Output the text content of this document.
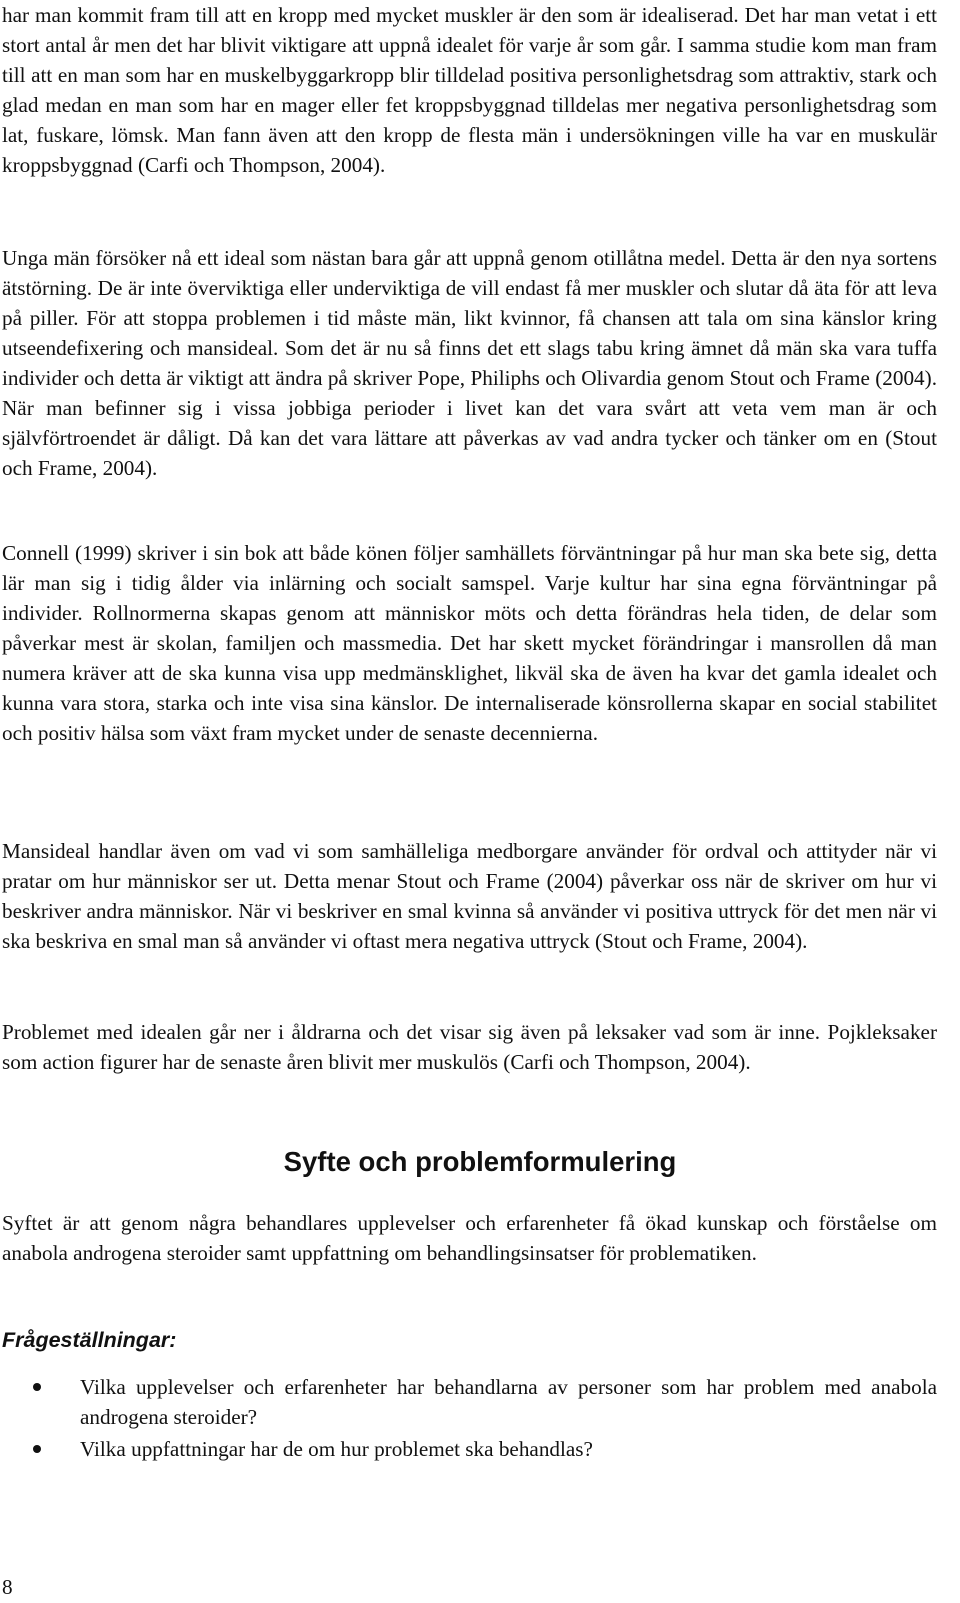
har man kommit fram till att en kropp med mycket muskler är den som är idealiserad. Det har man vetat i ett stort antal år men det har blivit viktigare att uppnå idealet för varje år som går. I samma studie kom man fram till att en man som har en muskelbyggarkropp blir tilldelad positiva personlighetsdrag som attraktiv, stark och glad medan en man som har en mager eller fet kroppsbyggnad tilldelas mer negativa personlighetsdrag som lat, fuskare, lömsk. Man fann även att den kropp de flesta män i undersökningen ville ha var en muskulär kroppsbyggnad (Carfi och Thompson, 2004).

Unga män försöker nå ett ideal som nästan bara går att uppnå genom otillåtna medel. Detta är den nya sortens ätstörning. De är inte överviktiga eller underviktiga de vill endast få mer muskler och slutar då äta för att leva på piller. För att stoppa problemen i tid måste män, likt kvinnor, få chansen att tala om sina känslor kring utseendefixering och mansideal. Som det är nu så finns det ett slags tabu kring ämnet då män ska vara tuffa individer och detta är viktigt att ändra på skriver Pope, Philiphs och Olivardia genom Stout och Frame (2004). När man befinner sig i vissa jobbiga perioder i livet kan det vara svårt att veta vem man är och självförtroendet är dåligt. Då kan det vara lättare att påverkas av vad andra tycker och tänker om en (Stout och Frame, 2004).

Connell (1999) skriver i sin bok att både könen följer samhällets förväntningar på hur man ska bete sig, detta lär man sig i tidig ålder via inlärning och socialt samspel. Varje kultur har sina egna förväntningar på individer. Rollnormerna skapas genom att människor möts och detta förändras hela tiden, de delar som påverkar mest är skolan, familjen och massmedia. Det har skett mycket förändringar i mansrollen då man numera kräver att de ska kunna visa upp medmänsklighet, likväl ska de även ha kvar det gamla idealet och kunna vara stora, starka och inte visa sina känslor. De internaliserade könsrollerna skapar en social stabilitet och positiv hälsa som växt fram mycket under de senaste decennierna.

Mansideal handlar även om vad vi som samhälleliga medborgare använder för ordval och attityder när vi pratar om hur människor ser ut. Detta menar Stout och Frame (2004) påverkar oss när de skriver om hur vi beskriver andra människor. När vi beskriver en smal kvinna så använder vi positiva uttryck för det men när vi ska beskriva en smal man så använder vi oftast mera negativa uttryck (Stout och Frame, 2004).

Problemet med idealen går ner i åldrarna och det visar sig även på leksaker vad som är inne. Pojkleksaker som action figurer har de senaste åren blivit mer muskulös (Carfi och Thompson, 2004).

Syfte och problemformulering

Syftet är att genom några behandlares upplevelser och erfarenheter få ökad kunskap och förståelse om anabola androgena steroider samt uppfattning om behandlingsinsatser för problematiken.

Frågeställningar:
Vilka upplevelser och erfarenheter har behandlarna av personer som har problem med anabola androgena steroider?
Vilka uppfattningar har de om hur problemet ska behandlas?

8
